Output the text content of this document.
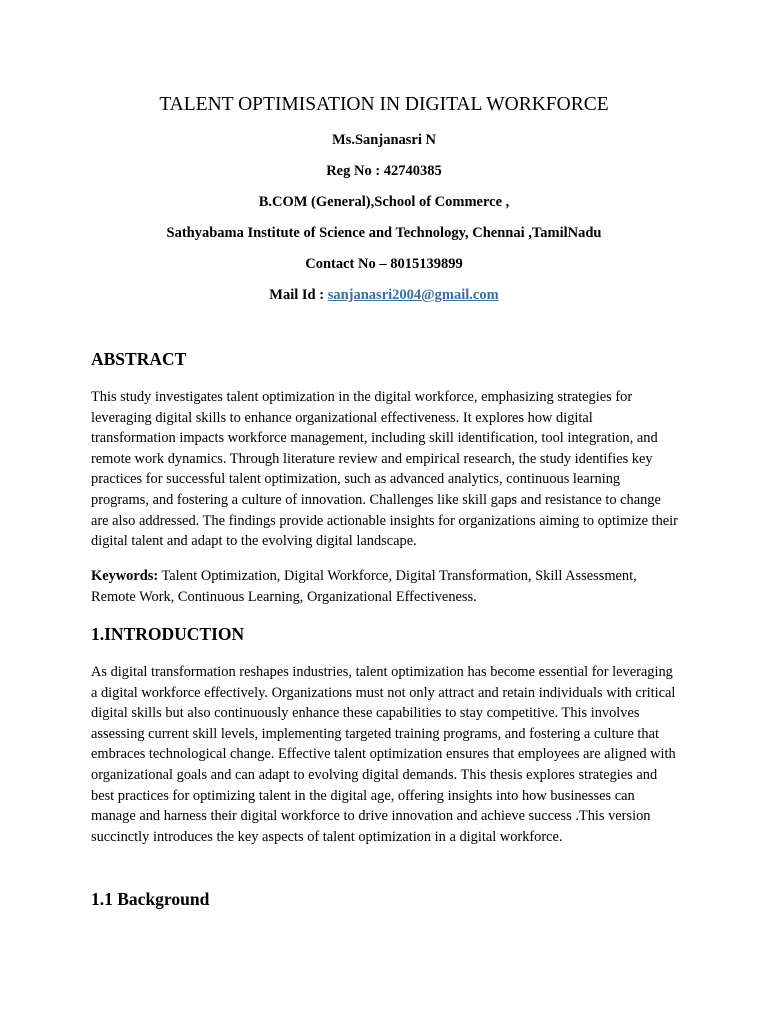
TALENT OPTIMISATION IN DIGITAL WORKFORCE

Ms.Sanjanasri N

Reg No : 42740385

B.COM (General),School of Commerce ,

Sathyabama Institute of Science and Technology, Chennai ,TamilNadu

Contact No – 8015139899

Mail Id : sanjanasri2004@gmail.com

ABSTRACT

This study investigates talent optimization in the digital workforce, emphasizing strategies for leveraging digital skills to enhance organizational effectiveness. It explores how digital transformation impacts workforce management, including skill identification, tool integration, and remote work dynamics. Through literature review and empirical research, the study identifies key practices for successful talent optimization, such as advanced analytics, continuous learning programs, and fostering a culture of innovation. Challenges like skill gaps and resistance to change are also addressed. The findings provide actionable insights for organizations aiming to optimize their digital talent and adapt to the evolving digital landscape.

Keywords: Talent Optimization, Digital Workforce, Digital Transformation, Skill Assessment, Remote Work, Continuous Learning, Organizational Effectiveness.

1.INTRODUCTION

As digital transformation reshapes industries, talent optimization has become essential for leveraging a digital workforce effectively. Organizations must not only attract and retain individuals with critical digital skills but also continuously enhance these capabilities to stay competitive. This involves assessing current skill levels, implementing targeted training programs, and fostering a culture that embraces technological change. Effective talent optimization ensures that employees are aligned with organizational goals and can adapt to evolving digital demands. This thesis explores strategies and best practices for optimizing talent in the digital age, offering insights into how businesses can manage and harness their digital workforce to drive innovation and achieve success .This version succinctly introduces the key aspects of talent optimization in a digital workforce.

1.1 Background
